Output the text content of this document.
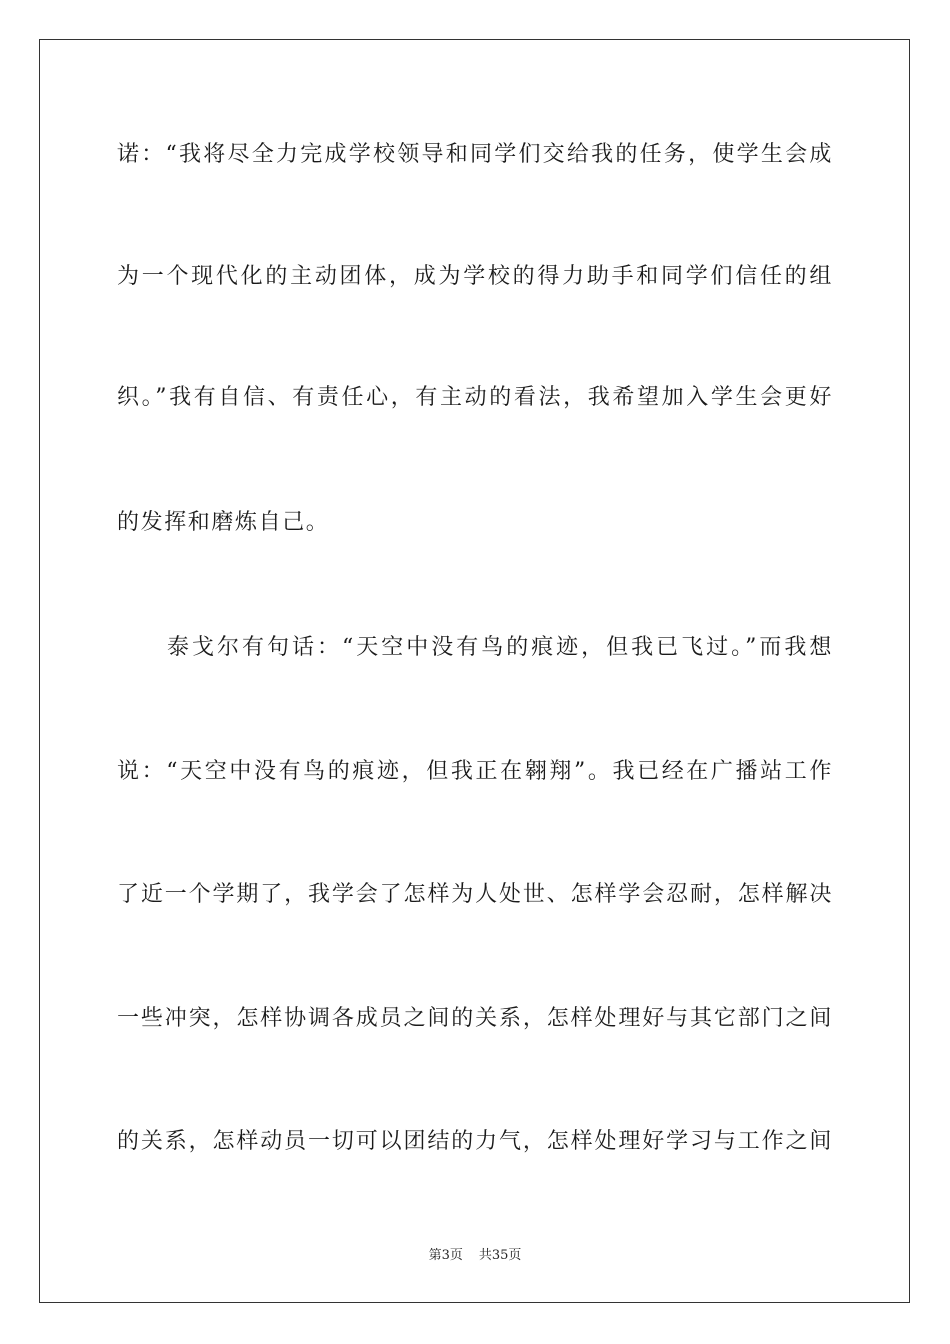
诺：“我将尽全力完成学校领导和同学们交给我的任务，使学生会成
为一个现代化的主动团体，成为学校的得力助手和同学们信任的组
织。”我有自信、有责任心，有主动的看法，我希望加入学生会更好
的发挥和磨炼自己。
　　泰戈尔有句话：“天空中没有鸟的痕迹，但我已飞过。”而我想
说：“天空中没有鸟的痕迹，但我正在翱翔”。我已经在广播站工作
了近一个学期了，我学会了怎样为人处世、怎样学会忍耐，怎样解决
一些冲突，怎样协调各成员之间的关系，怎样处理好与其它部门之间
的关系，怎样动员一切可以团结的力气，怎样处理好学习与工作之间
第3页 共35页
